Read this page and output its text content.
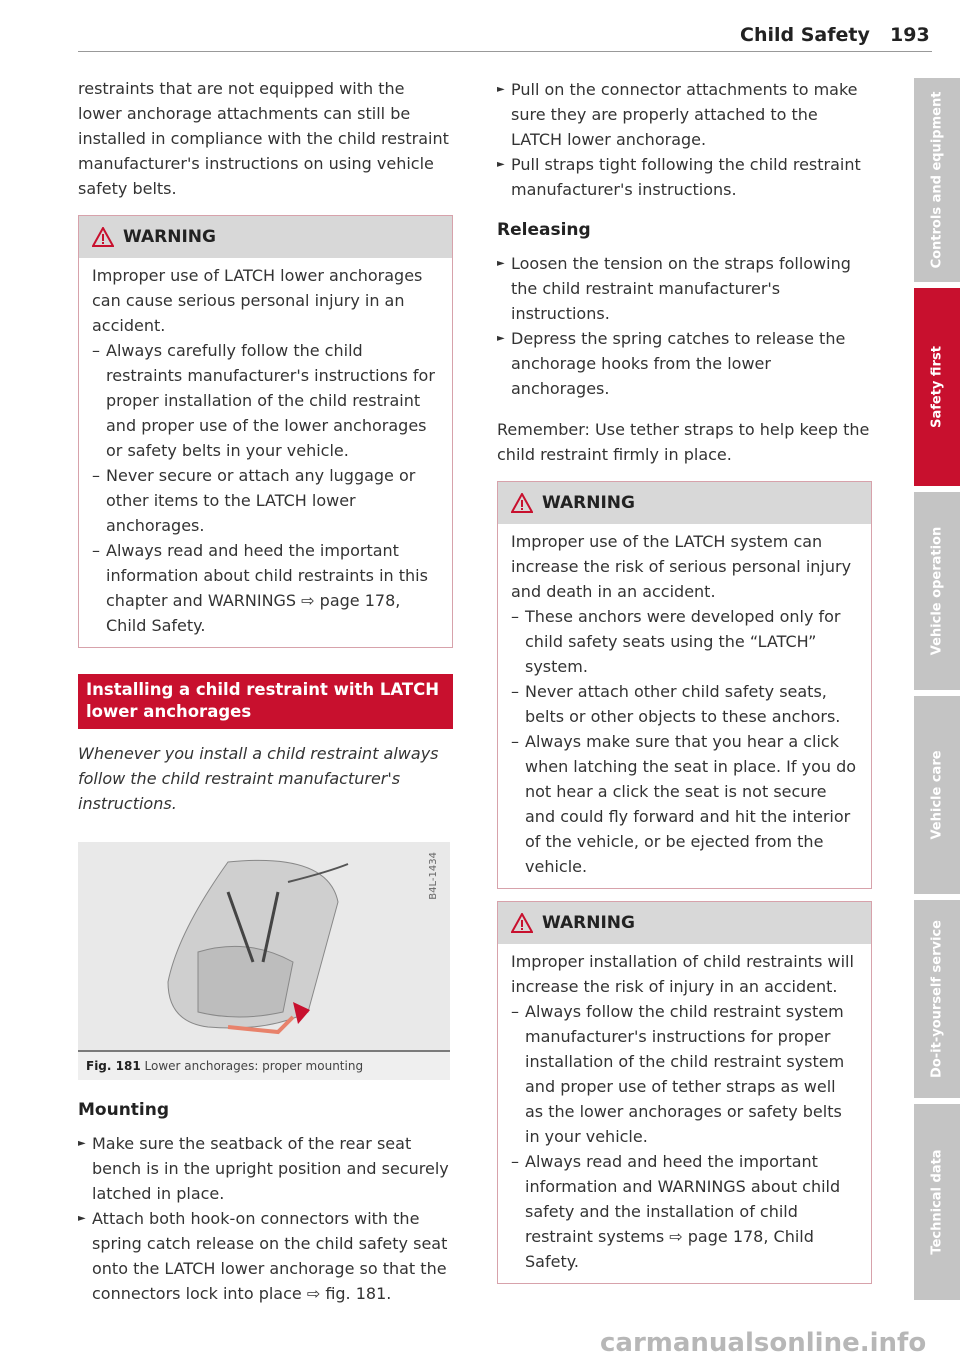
Child Safety 193

restraints that are not equipped with the lower anchorage attachments can still be installed in compliance with the child restraint manufacturer's instructions on using vehicle safety belts.

WARNING

Improper use of LATCH lower anchorages can cause serious personal injury in an accident.

– Always carefully follow the child restraints manufacturer's instructions for proper installation of the child restraint and proper use of the lower anchorages or safety belts in your vehicle.
– Never secure or attach any luggage or other items to the LATCH lower anchorages.
– Always read and heed the important information about child restraints in this chapter and WARNINGS ⇨ page 178, Child Safety.
Installing a child restraint with LATCH lower anchorages

Whenever you install a child restraint always follow the child restraint manufacturer's instructions.

B4L-1434
Fig. 181 Lower anchorages: proper mounting
Mounting
► Make sure the seatback of the rear seat bench is in the upright position and securely latched in place.
► Attach both hook-on connectors with the spring catch release on the child safety seat onto the LATCH lower anchorage so that the connectors lock into place ⇨ fig. 181.
► Pull on the connector attachments to make sure they are properly attached to the LATCH lower anchorage.
► Pull straps tight following the child restraint manufacturer's instructions.
Releasing
► Loosen the tension on the straps following the child restraint manufacturer's instructions.
► Depress the spring catches to release the anchorage hooks from the lower anchorages.

Remember: Use tether straps to help keep the child restraint firmly in place.

WARNING

Improper use of the LATCH system can increase the risk of serious personal injury and death in an accident.

– These anchors were developed only for child safety seats using the “LATCH” system.
– Never attach other child safety seats, belts or other objects to these anchors.
– Always make sure that you hear a click when latching the seat in place. If you do not hear a click the seat is not secure and could fly forward and hit the interior of the vehicle, or be ejected from the vehicle.
WARNING

Improper installation of child restraints will increase the risk of injury in an accident.

– Always follow the child restraint system manufacturer's instructions for proper installation of the child restraint system and proper use of tether straps as well as the lower anchorages or safety belts in your vehicle.
– Always read and heed the important information and WARNINGS about child safety and the installation of child restraint systems ⇨ page 178, Child Safety.
Controls and equipment
Safety first
Vehicle operation
Vehicle care
Do-it-yourself service
Technical data
carmanualsonline.info
